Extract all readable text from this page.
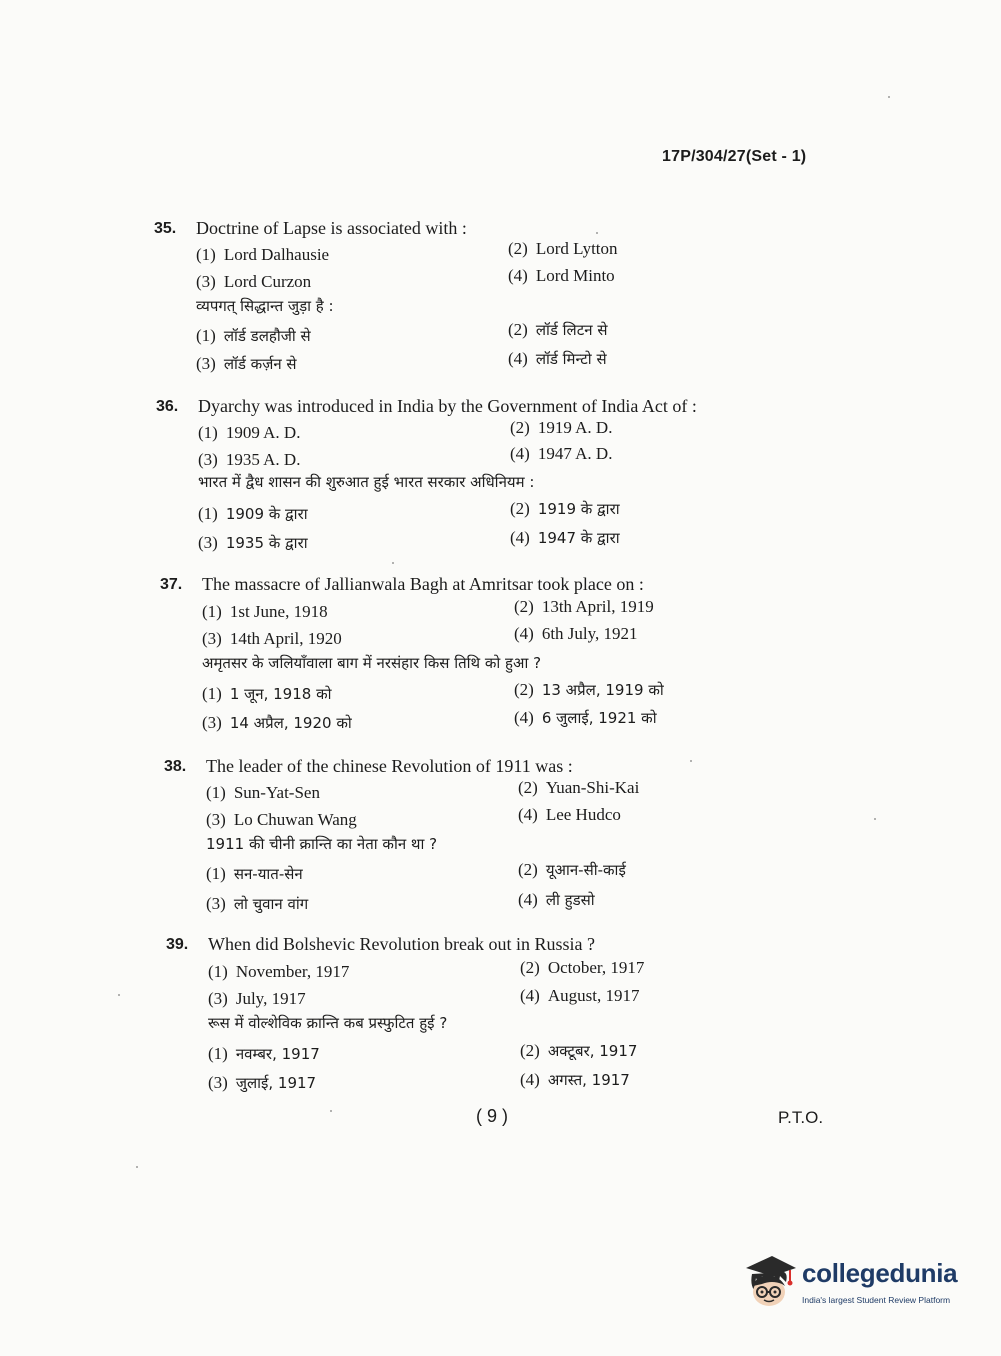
17P/304/27(Set - 1)
35. Doctrine of Lapse is associated with :
(1) Lord Dalhausie	(2) Lord Lytton
(3) Lord Curzon	(4) Lord Minto
व्यपगत् सिद्धान्त जुड़ा है :
(1) लॉर्ड डलहौजी से	(2) लॉर्ड लिटन से
(3) लॉर्ड कर्ज़न से	(4) लॉर्ड मिन्टो से
36. Dyarchy was introduced in India by the Government of India Act of :
(1) 1909 A. D.	(2) 1919 A. D.
(3) 1935 A. D.	(4) 1947 A. D.
भारत में द्वैध शासन की शुरुआत हुई भारत सरकार अधिनियम :
(1) 1909 के द्वारा	(2) 1919 के द्वारा
(3) 1935 के द्वारा	(4) 1947 के द्वारा
37. The massacre of Jallianwala Bagh at Amritsar took place on :
(1) 1st June, 1918	(2) 13th April, 1919
(3) 14th April, 1920	(4) 6th July, 1921
अमृतसर के जलियाँवाला बाग में नरसंहार किस तिथि को हुआ ?
(1) 1 जून, 1918 को	(2) 13 अप्रैल, 1919 को
(3) 14 अप्रैल, 1920 को	(4) 6 जुलाई, 1921 को
38. The leader of the chinese Revolution of 1911 was :
(1) Sun-Yat-Sen	(2) Yuan-Shi-Kai
(3) Lo Chuwan Wang	(4) Lee Hudco
1911 की चीनी क्रान्ति का नेता कौन था ?
(1) सन-यात-सेन	(2) यूआन-सी-काई
(3) लो चुवान वांग	(4) ली हुडसो
39. When did Bolshevic Revolution break out in Russia ?
(1) November, 1917	(2) October, 1917
(3) July, 1917	(4) August, 1917
रूस में वोल्शेविक क्रान्ति कब प्रस्फुटित हुई ?
(1) नवम्बर, 1917	(2) अक्टूबर, 1917
(3) जुलाई, 1917	(4) अगस्त, 1917
( 9 )	P.T.O.
collegedunia
India's largest Student Review Platform
